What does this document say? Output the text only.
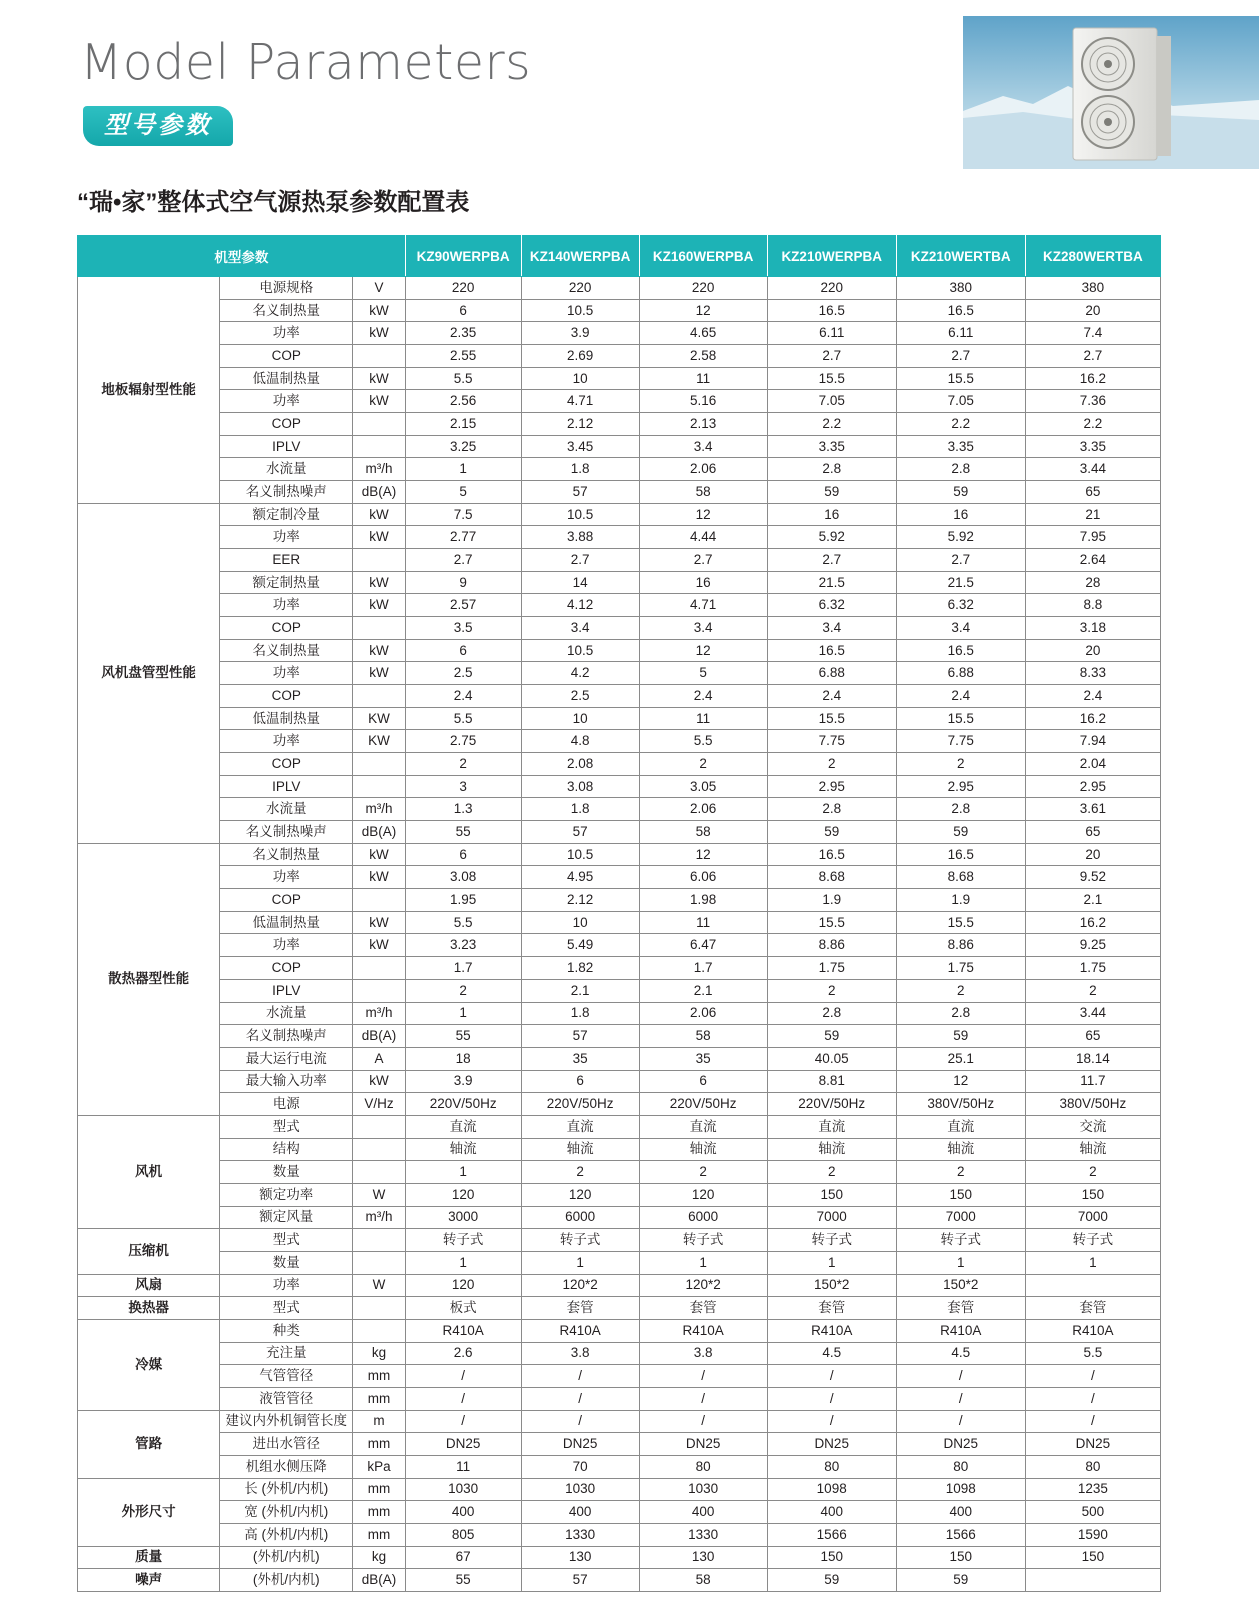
Model Parameters
型号参数
“瑞•家”整体式空气源热泵参数配置表
机型参数			KZ90WERPBA	KZ140WERPBA	KZ160WERPBA	KZ210WERPBA	KZ210WERTBA	KZ280WERTBA
地板辐射型性能	电源规格	V	220	220	220	220	380	380
	名义制热量	kW	6	10.5	12	16.5	16.5	20
	功率	kW	2.35	3.9	4.65	6.11	6.11	7.4
	COP		2.55	2.69	2.58	2.7	2.7	2.7
	低温制热量	kW	5.5	10	11	15.5	15.5	16.2
	功率	kW	2.56	4.71	5.16	7.05	7.05	7.36
	COP		2.15	2.12	2.13	2.2	2.2	2.2
	IPLV		3.25	3.45	3.4	3.35	3.35	3.35
	水流量	m³/h	1	1.8	2.06	2.8	2.8	3.44
	名义制热噪声	dB(A)	5	57	58	59	59	65
风机盘管型性能	额定制冷量	kW	7.5	10.5	12	16	16	21
	功率	kW	2.77	3.88	4.44	5.92	5.92	7.95
	EER		2.7	2.7	2.7	2.7	2.7	2.64
	额定制热量	kW	9	14	16	21.5	21.5	28
	功率	kW	2.57	4.12	4.71	6.32	6.32	8.8
	COP		3.5	3.4	3.4	3.4	3.4	3.18
	名义制热量	kW	6	10.5	12	16.5	16.5	20
	功率	kW	2.5	4.2	5	6.88	6.88	8.33
	COP		2.4	2.5	2.4	2.4	2.4	2.4
	低温制热量	KW	5.5	10	11	15.5	15.5	16.2
	功率	KW	2.75	4.8	5.5	7.75	7.75	7.94
	COP		2	2.08	2	2	2	2.04
	IPLV		3	3.08	3.05	2.95	2.95	2.95
	水流量	m³/h	1.3	1.8	2.06	2.8	2.8	3.61
	名义制热噪声	dB(A)	55	57	58	59	59	65
散热器型性能	名义制热量	kW	6	10.5	12	16.5	16.5	20
	功率	kW	3.08	4.95	6.06	8.68	8.68	9.52
	COP		1.95	2.12	1.98	1.9	1.9	2.1
	低温制热量	kW	5.5	10	11	15.5	15.5	16.2
	功率	kW	3.23	5.49	6.47	8.86	8.86	9.25
	COP		1.7	1.82	1.7	1.75	1.75	1.75
	IPLV		2	2.1	2.1	2	2	2
	水流量	m³/h	1	1.8	2.06	2.8	2.8	3.44
	名义制热噪声	dB(A)	55	57	58	59	59	65
	最大运行电流	A	18	35	35	40.05	25.1	18.14
	最大输入功率	kW	3.9	6	6	8.81	12	11.7
	电源	V/Hz	220V/50Hz	220V/50Hz	220V/50Hz	220V/50Hz	380V/50Hz	380V/50Hz
风机	型式		直流	直流	直流	直流	直流	交流
	结构		轴流	轴流	轴流	轴流	轴流	轴流
	数量		1	2	2	2	2	2
	额定功率	W	120	120	120	150	150	150
	额定风量	m³/h	3000	6000	6000	7000	7000	7000
压缩机	型式		转子式	转子式	转子式	转子式	转子式	转子式
	数量		1	1	1	1	1	1
风扇	功率	W	120	120*2	120*2	150*2	150*2	
换热器	型式		板式	套管	套管	套管	套管	套管
冷媒	种类		R410A	R410A	R410A	R410A	R410A	R410A
	充注量	kg	2.6	3.8	3.8	4.5	4.5	5.5
	气管管径	mm	/	/	/	/	/	/
	液管管径	mm	/	/	/	/	/	/
管路	建议内外机铜管长度	m	/	/	/	/	/	/
	进出水管径	mm	DN25	DN25	DN25	DN25	DN25	DN25
	机组水侧压降	kPa	11	70	80	80	80	80
外形尺寸	长 (外机/内机)	mm	1030	1030	1030	1098	1098	1235
	宽 (外机/内机)	mm	400	400	400	400	400	500
	高 (外机/内机)	mm	805	1330	1330	1566	1566	1590
质量	(外机/内机)	kg	67	130	130	150	150	150
噪声	(外机/内机)	dB(A)	55	57	58	59	59	
